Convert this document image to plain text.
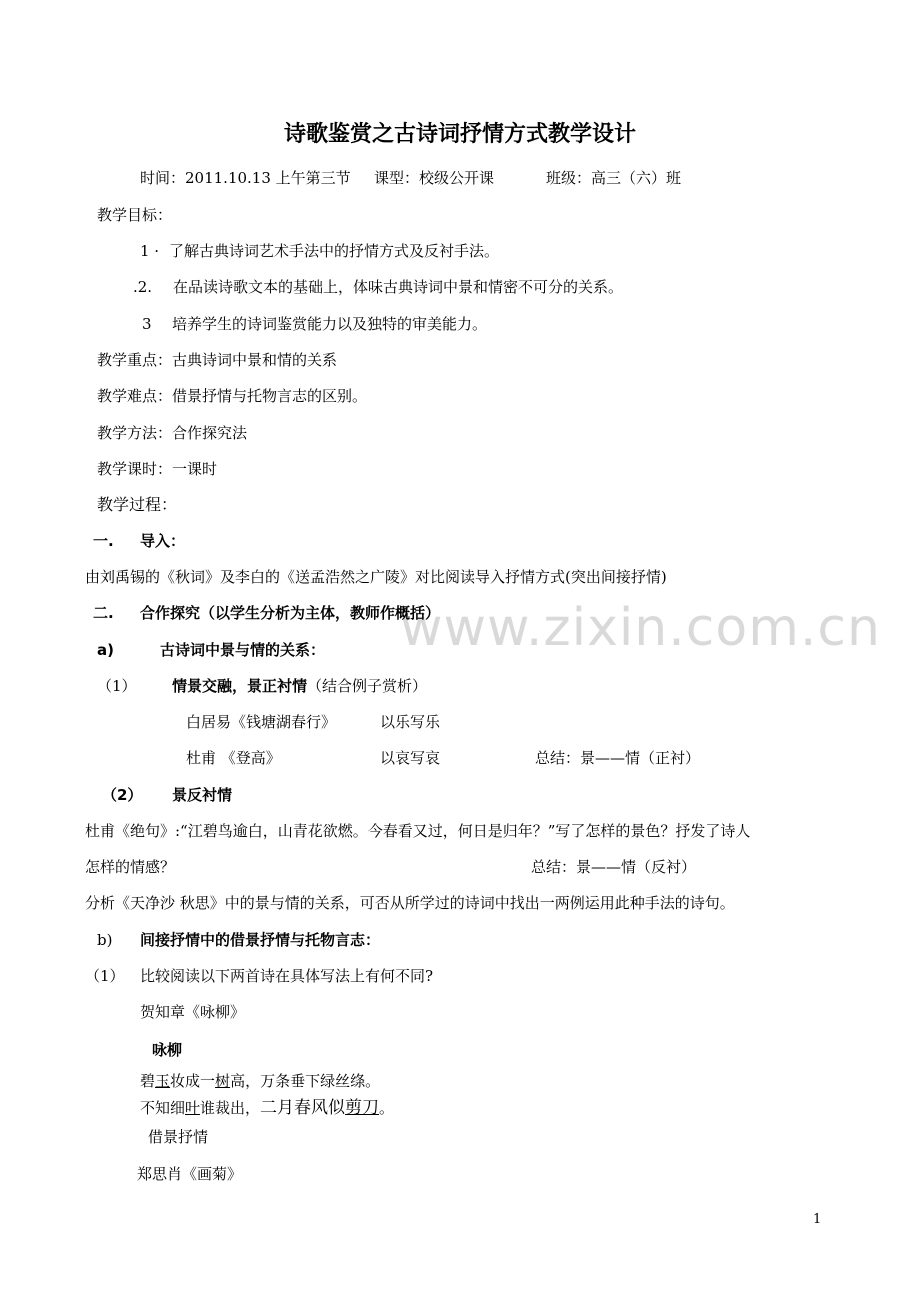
诗歌鉴赏之古诗词抒情方式教学设计
时间：2011.10.13 上午第三节 课型：校级公开课	班级：高三（六）班
教学目标：
1 · 了解古典诗词艺术手法中的抒情方式及反衬手法。
.2. 在品读诗歌文本的基础上，体味古典诗词中景和情密不可分的关系。
3 培养学生的诗词鉴赏能力以及独特的审美能力。
教学重点：古典诗词中景和情的关系
教学难点：借景抒情与托物言志的区别。
教学方法：合作探究法
教学课时：一课时
教学过程：
一. 导入：
由刘禹锡的《秋词》及李白的《送孟浩然之广陵》对比阅读导入抒情方式(突出间接抒情)
www.zixin.com.cn
二. 合作探究（以学生分析为主体，教师作概括）
a)	古诗词中景与情的关系：
（1） 情景交融，景正衬情（结合例子赏析）
白居易《钱塘湖春行》	以乐写乐
杜甫 《登高》	以哀写哀	总结：景——情（正衬）
（2） 景反衬情
杜甫《绝句》:“江碧鸟逾白，山青花欲燃。今春看又过，何日是归年？”写了怎样的景色？抒发了诗人
怎样的情感？	总结：景——情（反衬）
分析《天净沙 秋思》中的景与情的关系，可否从所学过的诗词中找出一两例运用此种手法的诗句。
b) 间接抒情中的借景抒情与托物言志：
（1） 比较阅读以下两首诗在具体写法上有何不同?
贺知章《咏柳》
咏柳
碧玉妆成一树高，万条垂下绿丝绦。
不知细叶谁裁出，二月春风似剪刀。
借景抒情
郑思肖《画菊》
1
